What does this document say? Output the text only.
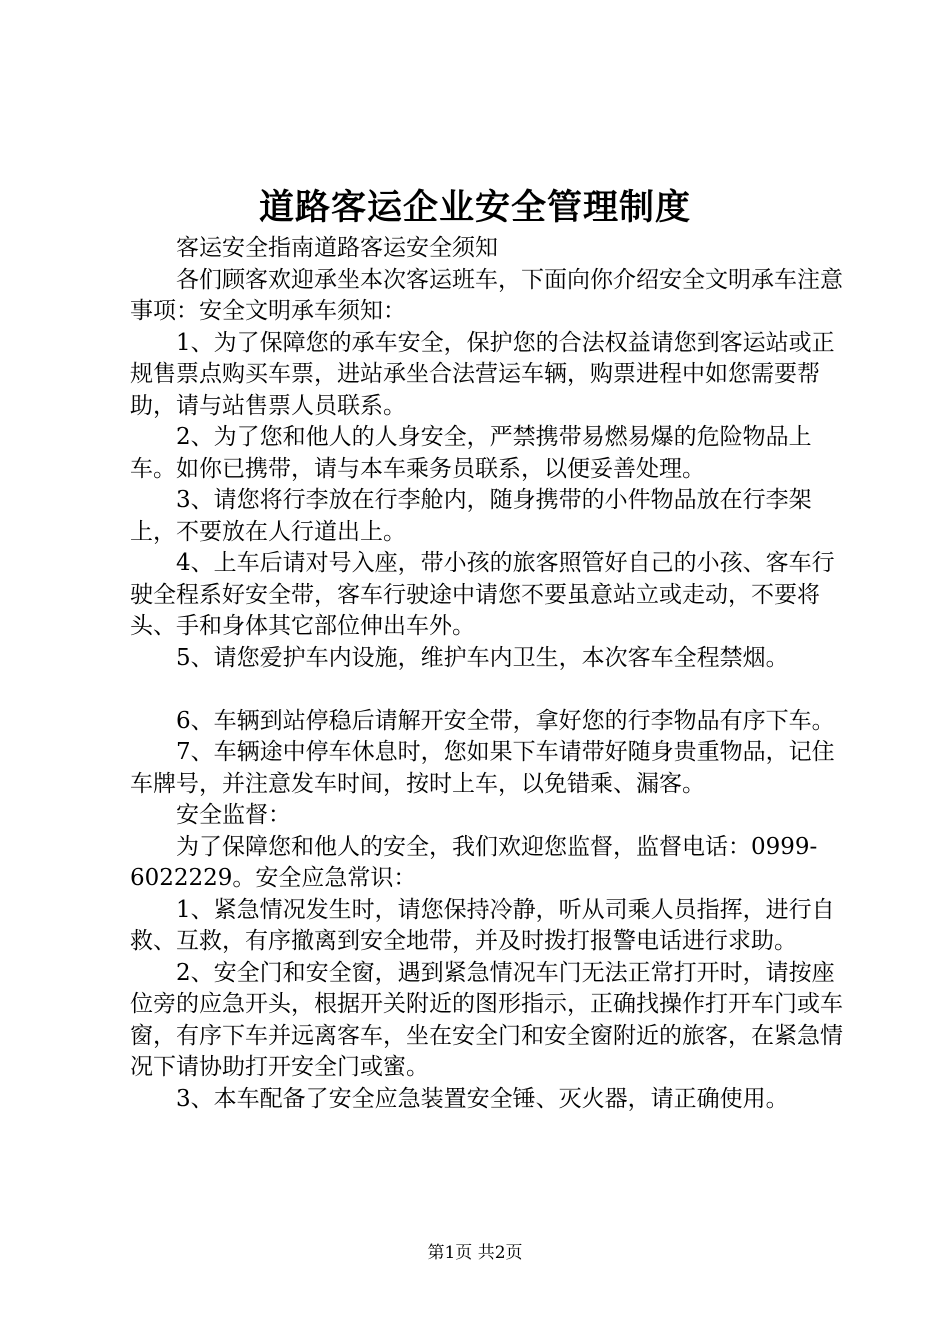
道路客运企业安全管理制度

客运安全指南道路客运安全须知

各们顾客欢迎承坐本次客运班车，下面向你介绍安全文明承车注意事项：安全文明承车须知：

1、为了保障您的承车安全，保护您的合法权益请您到客运站或正规售票点购买车票，进站承坐合法营运车辆，购票进程中如您需要帮助，请与站售票人员联系。

2、为了您和他人的人身安全，严禁携带易燃易爆的危险物品上车。如你已携带，请与本车乘务员联系，以便妥善处理。

3、请您将行李放在行李舱内，随身携带的小件物品放在行李架上，不要放在人行道出上。

4、上车后请对号入座，带小孩的旅客照管好自己的小孩、客车行驶全程系好安全带，客车行驶途中请您不要虽意站立或走动，不要将头、手和身体其它部位伸出车外。

5、请您爱护车内设施，维护车内卫生，本次客车全程禁烟。

6、车辆到站停稳后请解开安全带，拿好您的行李物品有序下车。

7、车辆途中停车休息时，您如果下车请带好随身贵重物品，记住车牌号，并注意发车时间，按时上车，以免错乘、漏客。

安全监督：

为了保障您和他人的安全，我们欢迎您监督，监督电话：0999-6022229。安全应急常识：

1、紧急情况发生时，请您保持冷静，听从司乘人员指挥，进行自救、互救，有序撤离到安全地带，并及时拨打报警电话进行求助。

2、安全门和安全窗，遇到紧急情况车门无法正常打开时，请按座位旁的应急开头，根据开关附近的图形指示，正确找操作打开车门或车窗，有序下车并远离客车，坐在安全门和安全窗附近的旅客，在紧急情况下请协助打开安全门或蜜。

3、本车配备了安全应急装置安全锤、灭火器，请正确使用。

第1页 共2页
